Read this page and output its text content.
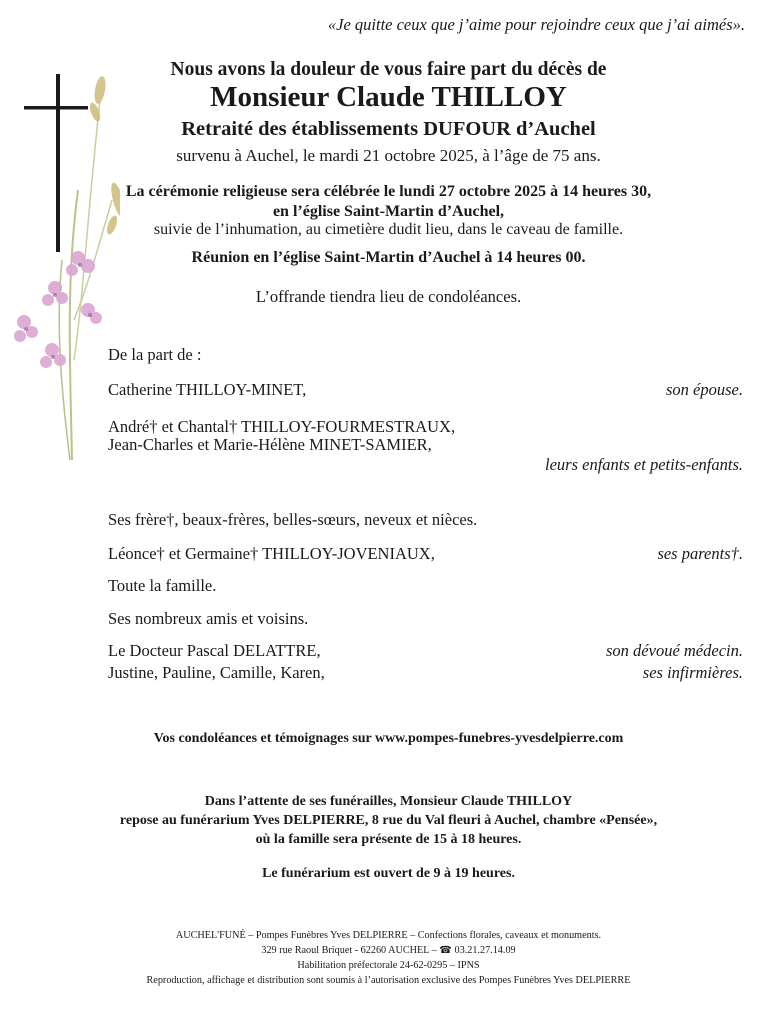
«Je quitte ceux que j’aime pour rejoindre ceux que j’ai aimés».
Nous avons la douleur de vous faire part du décès de
Monsieur Claude THILLOY
Retraité des établissements DUFOUR d’Auchel
survenu à Auchel, le mardi 21 octobre 2025, à l’âge de 75 ans.
La cérémonie religieuse sera célébrée le lundi 27 octobre 2025 à 14 heures 30,
en l’église Saint-Martin d’Auchel,
suivie de l’inhumation, au cimetière dudit lieu, dans le caveau de famille.
Réunion en l’église Saint-Martin d’Auchel à 14 heures 00.
L’offrande tiendra lieu de condoléances.
De la part de :
Catherine THILLOY-MINET,	son épouse.
André† et Chantal† THILLOY-FOURMESTRAUX,
Jean-Charles et Marie-Hélène MINET-SAMIER,
leurs enfants et petits-enfants.
Ses frère†, beaux-frères, belles-sœurs, neveux et nièces.
Léonce† et Germaine† THILLOY-JOVENIAUX,	ses parents†.
Toute la famille.
Ses nombreux amis et voisins.
Le Docteur Pascal DELATTRE,	son dévoué médecin.
Justine, Pauline, Camille, Karen,	ses infirmières.
Vos condoléances et témoignages sur www.pompes-funebres-yvesdelpierre.com
Dans l’attente de ses funérailles, Monsieur Claude THILLOY
repose au funérarium Yves DELPIERRE, 8 rue du Val fleuri à Auchel, chambre «Pensée»,
où la famille sera présente de 15 à 18 heures.
Le funérarium est ouvert de 9 à 19 heures.
AUCHEL'FUNÉ – Pompes Funèbres Yves DELPIERRE – Confections florales, caveaux et monuments.
329 rue Raoul Briquet - 62260 AUCHEL – ☎ 03.21.27.14.09
Habilitation préfectorale 24-62-0295 – IPNS
Reproduction, affichage et distribution sont soumis à l’autorisation exclusive des Pompes Funèbres Yves DELPIERRE
